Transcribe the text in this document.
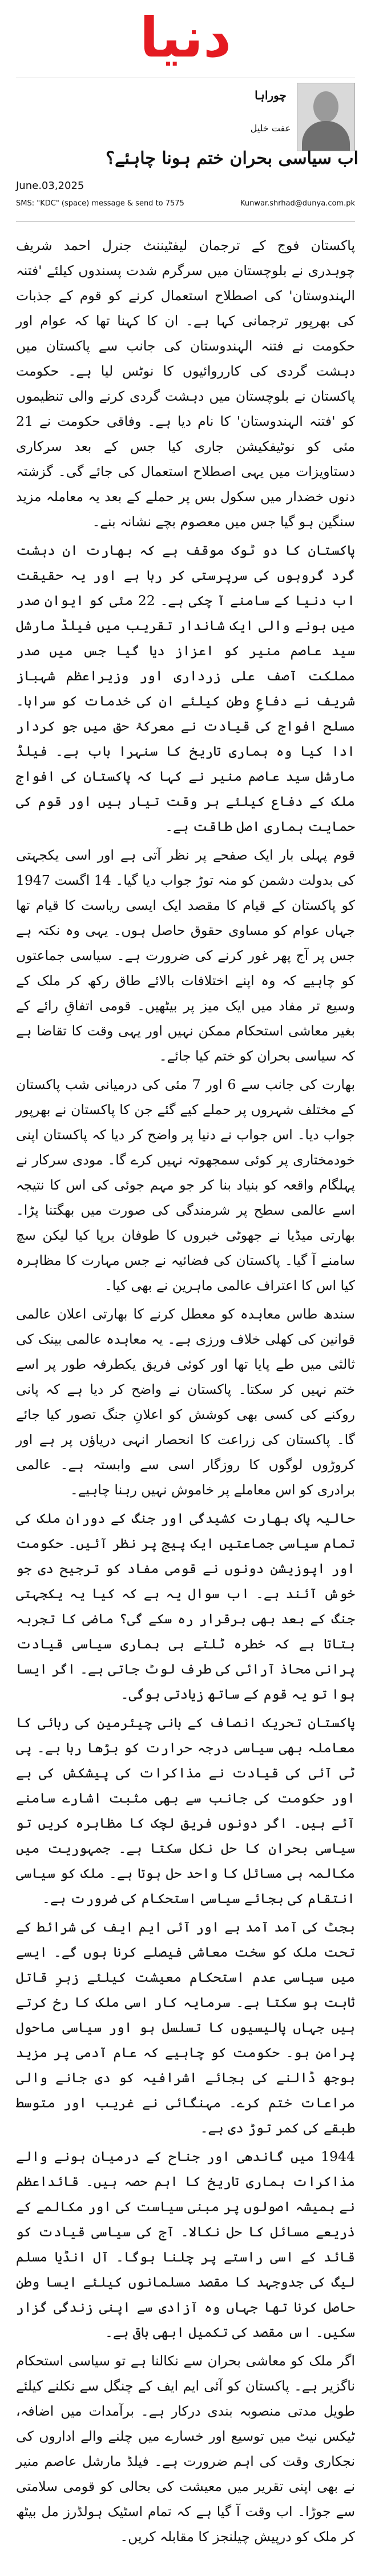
دنیا
چوراہا
عفت خلیل
اب سیاسی بحران ختم ہونا چاہئے؟
June.03,2025
SMS: "KDC" (space) message & send to 7575	Kunwar.shrhad@dunya.com.pk

پاکستان فوج کے ترجمان لیفٹیننٹ جنرل احمد شریف چوہدری نے بلوچستان میں سرگرم شدت پسندوں کیلئے 'فتنہ الہندوستان' کی اصطلاح استعمال کرنے کو قوم کے جذبات کی بھرپور ترجمانی کہا ہے۔ ان کا کہنا تھا کہ عوام اور حکومت نے فتنہ الہندوستان کی جانب سے پاکستان میں دہشت گردی کی کارروائیوں کا نوٹس لیا ہے۔ حکومت پاکستان نے بلوچستان میں دہشت گردی کرنے والی تنظیموں کو 'فتنہ الہندوستان' کا نام دیا ہے۔ وفاقی حکومت نے 21 مئی کو نوٹیفکیشن جاری کیا جس کے بعد سرکاری دستاویزات میں یہی اصطلاح استعمال کی جائے گی۔ گزشتہ دنوں خضدار میں سکول بس پر حملے کے بعد یہ معاملہ مزید سنگین ہو گیا جس میں معصوم بچے نشانہ بنے۔

پاکستان کا دو ٹوک موقف ہے کہ بھارت ان دہشت گرد گروہوں کی سرپرستی کر رہا ہے اور یہ حقیقت اب دنیا کے سامنے آ چکی ہے۔ 22 مئی کو ایوانِ صدر میں ہونے والی ایک شاندار تقریب میں فیلڈ مارشل سید عاصم منیر کو اعزاز دیا گیا جس میں صدر مملکت آصف علی زرداری اور وزیراعظم شہباز شریف نے دفاعِ وطن کیلئے ان کی خدمات کو سراہا۔ مسلح افواج کی قیادت نے معرکۂ حق میں جو کردار ادا کیا وہ ہماری تاریخ کا سنہرا باب ہے۔ فیلڈ مارشل سید عاصم منیر نے کہا کہ پاکستان کی افواج ملک کے دفاع کیلئے ہر وقت تیار ہیں اور قوم کی حمایت ہماری اصل طاقت ہے۔

قوم پہلی بار ایک صفحے پر نظر آتی ہے اور اسی یکجہتی کی بدولت دشمن کو منہ توڑ جواب دیا گیا۔ 14 اگست 1947 کو پاکستان کے قیام کا مقصد ایک ایسی ریاست کا قیام تھا جہاں عوام کو مساوی حقوق حاصل ہوں۔ یہی وہ نکتہ ہے جس پر آج پھر غور کرنے کی ضرورت ہے۔ سیاسی جماعتوں کو چاہیے کہ وہ اپنے اختلافات بالائے طاق رکھ کر ملک کے وسیع تر مفاد میں ایک میز پر بیٹھیں۔ قومی اتفاقِ رائے کے بغیر معاشی استحکام ممکن نہیں اور یہی وقت کا تقاضا ہے کہ سیاسی بحران کو ختم کیا جائے۔

بھارت کی جانب سے 6 اور 7 مئی کی درمیانی شب پاکستان کے مختلف شہروں پر حملے کیے گئے جن کا پاکستان نے بھرپور جواب دیا۔ اس جواب نے دنیا پر واضح کر دیا کہ پاکستان اپنی خودمختاری پر کوئی سمجھوتہ نہیں کرے گا۔ مودی سرکار نے پہلگام واقعہ کو بنیاد بنا کر جو مہم جوئی کی اس کا نتیجہ اسے عالمی سطح پر شرمندگی کی صورت میں بھگتنا پڑا۔ بھارتی میڈیا نے جھوٹی خبروں کا طوفان برپا کیا لیکن سچ سامنے آ گیا۔ پاکستان کی فضائیہ نے جس مہارت کا مظاہرہ کیا اس کا اعتراف عالمی ماہرین نے بھی کیا۔

سندھ طاس معاہدہ کو معطل کرنے کا بھارتی اعلان عالمی قوانین کی کھلی خلاف ورزی ہے۔ یہ معاہدہ عالمی بینک کی ثالثی میں طے پایا تھا اور کوئی فریق یکطرفہ طور پر اسے ختم نہیں کر سکتا۔ پاکستان نے واضح کر دیا ہے کہ پانی روکنے کی کسی بھی کوشش کو اعلانِ جنگ تصور کیا جائے گا۔ پاکستان کی زراعت کا انحصار انہی دریاؤں پر ہے اور کروڑوں لوگوں کا روزگار اسی سے وابستہ ہے۔ عالمی برادری کو اس معاملے پر خاموش نہیں رہنا چاہیے۔

حالیہ پاک بھارت کشیدگی اور جنگ کے دوران ملک کی تمام سیاسی جماعتیں ایک پیج پر نظر آئیں۔ حکومت اور اپوزیشن دونوں نے قومی مفاد کو ترجیح دی جو خوش آئند ہے۔ اب سوال یہ ہے کہ کیا یہ یکجہتی جنگ کے بعد بھی برقرار رہ سکے گی؟ ماضی کا تجربہ بتاتا ہے کہ خطرہ ٹلتے ہی ہماری سیاسی قیادت پرانی محاذ آرائی کی طرف لوٹ جاتی ہے۔ اگر ایسا ہوا تو یہ قوم کے ساتھ زیادتی ہوگی۔

پاکستان تحریک انصاف کے بانی چیئرمین کی رہائی کا معاملہ بھی سیاسی درجہ حرارت کو بڑھا رہا ہے۔ پی ٹی آئی کی قیادت نے مذاکرات کی پیشکش کی ہے اور حکومت کی جانب سے بھی مثبت اشارے سامنے آئے ہیں۔ اگر دونوں فریق لچک کا مظاہرہ کریں تو سیاسی بحران کا حل نکل سکتا ہے۔ جمہوریت میں مکالمہ ہی مسائل کا واحد حل ہوتا ہے۔ ملک کو سیاسی انتقام کی بجائے سیاسی استحکام کی ضرورت ہے۔

بجٹ کی آمد آمد ہے اور آئی ایم ایف کی شرائط کے تحت ملک کو سخت معاشی فیصلے کرنا ہوں گے۔ ایسے میں سیاسی عدم استحکام معیشت کیلئے زہرِ قاتل ثابت ہو سکتا ہے۔ سرمایہ کار اسی ملک کا رخ کرتے ہیں جہاں پالیسیوں کا تسلسل ہو اور سیاسی ماحول پرامن ہو۔ حکومت کو چاہیے کہ عام آدمی پر مزید بوجھ ڈالنے کی بجائے اشرافیہ کو دی جانے والی مراعات ختم کرے۔ مہنگائی نے غریب اور متوسط طبقے کی کمر توڑ دی ہے۔

1944 میں گاندھی اور جناح کے درمیان ہونے والے مذاکرات ہماری تاریخ کا اہم حصہ ہیں۔ قائداعظم نے ہمیشہ اصولوں پر مبنی سیاست کی اور مکالمے کے ذریعے مسائل کا حل نکالا۔ آج کی سیاسی قیادت کو قائد کے اسی راستے پر چلنا ہوگا۔ آل انڈیا مسلم لیگ کی جدوجہد کا مقصد مسلمانوں کیلئے ایسا وطن حاصل کرنا تھا جہاں وہ آزادی سے اپنی زندگی گزار سکیں۔ اس مقصد کی تکمیل ابھی باقی ہے۔

اگر ملک کو معاشی بحران سے نکالنا ہے تو سیاسی استحکام ناگزیر ہے۔ پاکستان کو آئی ایم ایف کے چنگل سے نکلنے کیلئے طویل مدتی منصوبہ بندی درکار ہے۔ برآمدات میں اضافہ، ٹیکس نیٹ میں توسیع اور خسارے میں چلنے والے اداروں کی نجکاری وقت کی اہم ضرورت ہے۔ فیلڈ مارشل عاصم منیر نے بھی اپنی تقریر میں معیشت کی بحالی کو قومی سلامتی سے جوڑا۔ اب وقت آ گیا ہے کہ تمام اسٹیک ہولڈرز مل بیٹھ کر ملک کو درپیش چیلنجز کا مقابلہ کریں۔
